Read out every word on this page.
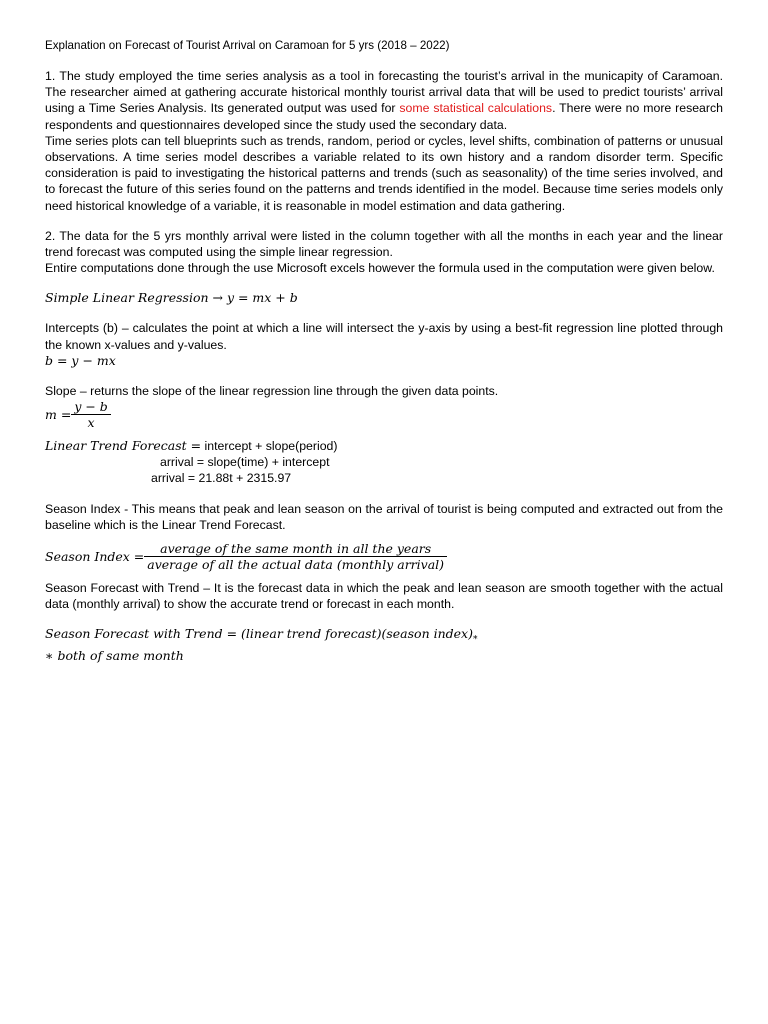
Explanation on Forecast of Tourist Arrival on Caramoan for 5 yrs (2018 – 2022)

1. The study employed the time series analysis as a tool in forecasting the tourist’s arrival in the municapity of Caramoan. The researcher aimed at gathering accurate historical monthly tourist arrival data that will be used to predict tourists’ arrival using a Time Series Analysis. Its generated output was used for some statistical calculations. There were no more research respondents and questionnaires developed since the study used the secondary data.

Time series plots can tell blueprints such as trends, random, period or cycles, level shifts, combination of patterns or unusual observations. A time series model describes a variable related to its own history and a random disorder term. Specific consideration is paid to investigating the historical patterns and trends (such as seasonality) of the time series involved, and to forecast the future of this series found on the patterns and trends identified in the model. Because time series models only need historical knowledge of a variable, it is reasonable in model estimation and data gathering.

2. The data for the 5 yrs monthly arrival were listed in the column together with all the months in each year and the linear trend forecast was computed using the simple linear regression.

Entire computations done through the use Microsoft excels however the formula used in the computation were given below.

Simple Linear Regression → y = mx + b

Intercepts (b) – calculates the point at which a line will intersect the y-axis by using a best-fit regression line plotted through the known x-values and y-values.

b = y − mx

Slope – returns the slope of the linear regression line through the given data points.

$m = \frac{y - b}{x}$
Linear Trend Forecast = intercept + slope(period)
arrival = slope(time) + intercept
arrival = 21.88t + 2315.97

Season Index - This means that peak and lean season on the arrival of tourist is being computed and extracted out from the baseline which is the Linear Trend Forecast.

Season Index = $\frac{\text{average of the same month in all the years}}{\text{average of all the actual data (monthly arrival)}}$

Season Forecast with Trend – It is the forecast data in which the peak and lean season are smooth together with the actual data (monthly arrival) to show the accurate trend or forecast in each month.

Season Forecast with Trend = (linear trend forecast)(season $index)_*$
∗ both of same month
